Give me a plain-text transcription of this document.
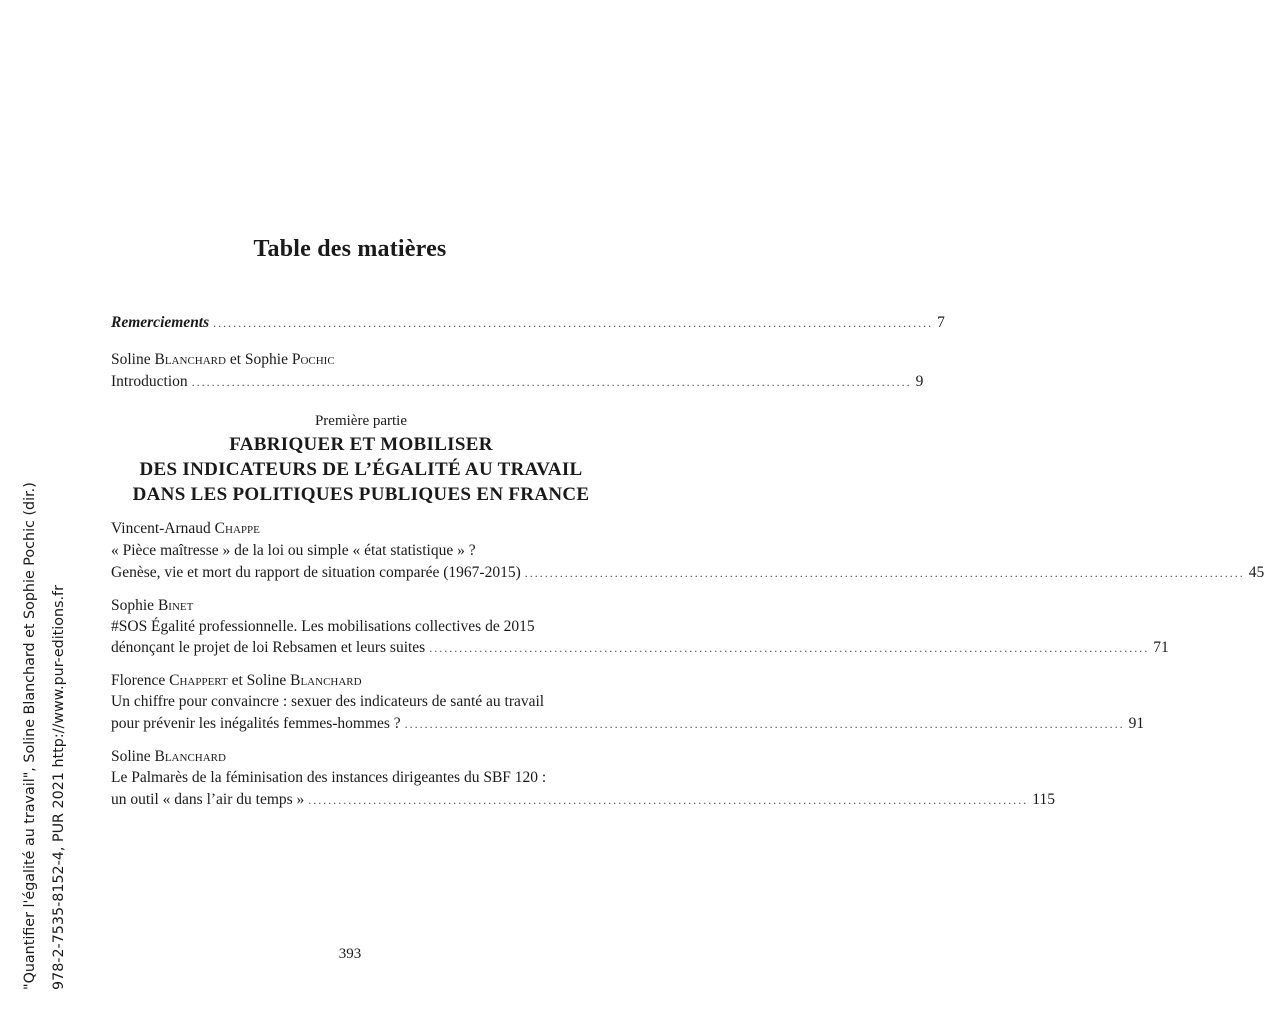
Table des matières
Remerciements ................................................................................................................................................ 7
Soline Blanchard et Sophie Pochic
Introduction ................................................................................................................................................ 9
Première partie
FABRIQUER ET MOBILISER
DES INDICATEURS DE L’ÉGALITÉ AU TRAVAIL
DANS LES POLITIQUES PUBLIQUES EN FRANCE
Vincent-Arnaud Chappe
« Pièce maîtresse » de la loi ou simple « état statistique » ?
Genèse, vie et mort du rapport de situation comparée (1967-2015) ................................................................................................................................................ 45
Sophie Binet
#SOS Égalité professionnelle. Les mobilisations collectives de 2015
dénonçant le projet de loi Rebsamen et leurs suites ................................................................................................................................................ 71
Florence Chappert et Soline Blanchard
Un chiffre pour convaincre : sexuer des indicateurs de santé au travail
pour prévenir les inégalités femmes-hommes ? ................................................................................................................................................ 91
Soline Blanchard
Le Palmarès de la féminisation des instances dirigeantes du SBF 120 :
un outil « dans l’air du temps » ................................................................................................................................................ 115
"Quantifier l'égalité au travail", Soline Blanchard et Sophie Pochic (dir.) 978-2-7535-8152-4, PUR 2021 http://www.pur-editions.fr	393
